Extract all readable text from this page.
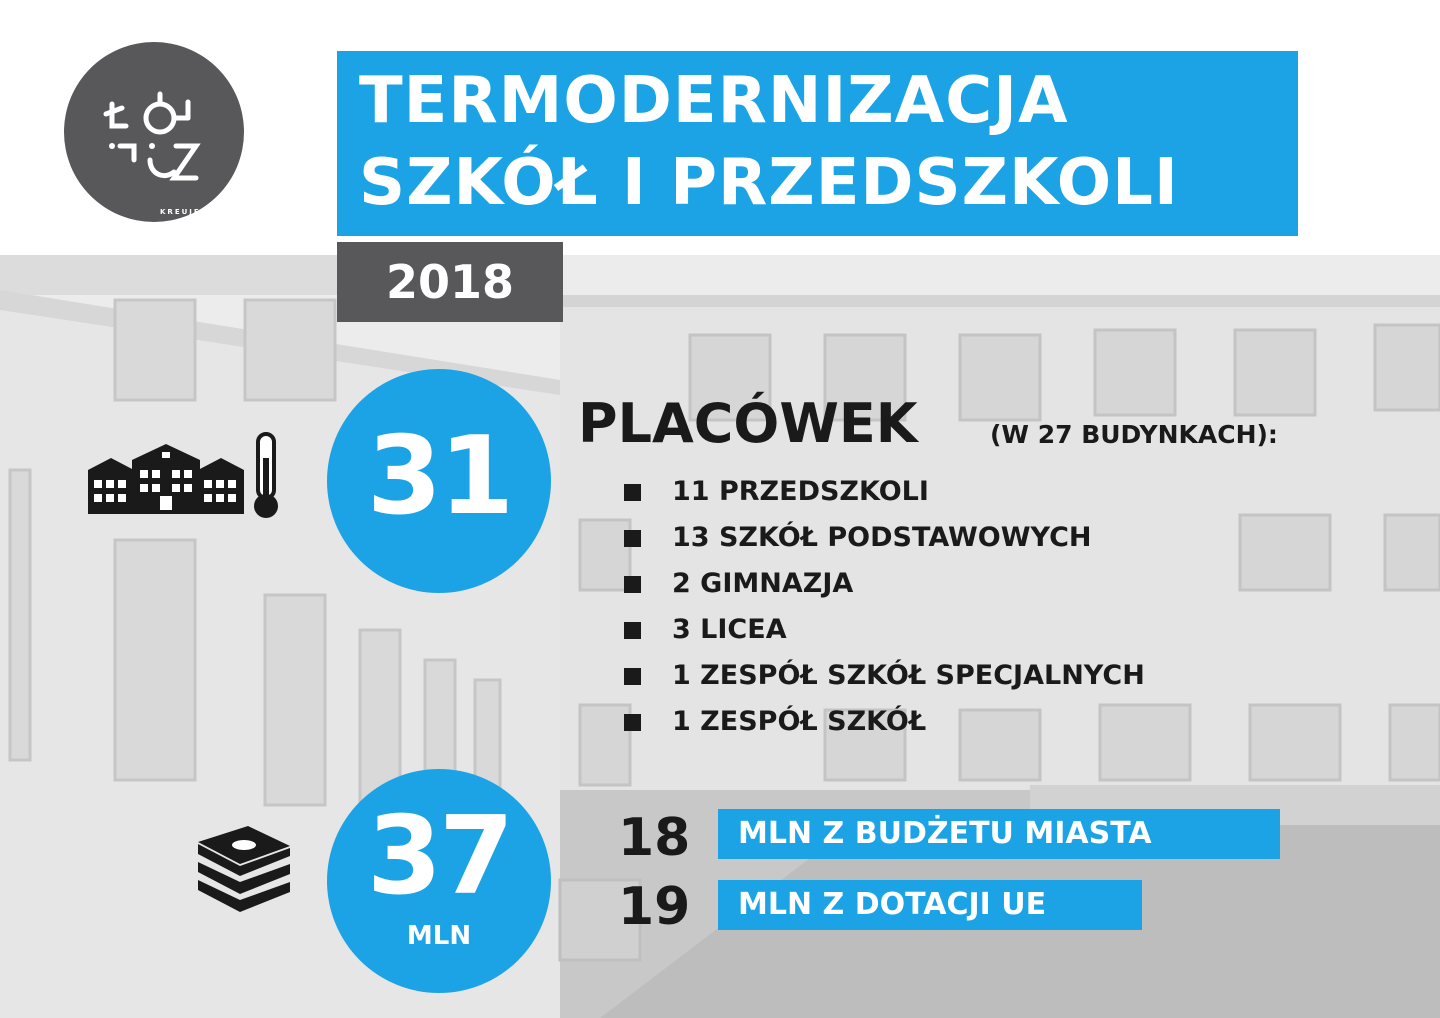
KREUJE
TERMODERNIZACJA
SZKÓŁ I PRZEDSZKOLI
2018
31	PLACÓWEK	(W 27 BUDYNKACH):
11 PRZEDSZKOLI
13 SZKÓŁ PODSTAWOWYCH
2 GIMNAZJA
3 LICEA
1 ZESPÓŁ SZKÓŁ SPECJALNYCH
1 ZESPÓŁ SZKÓŁ
37
MLN
18 MLN Z BUDŻETU MIASTA
19 MLN Z DOTACJI UE
